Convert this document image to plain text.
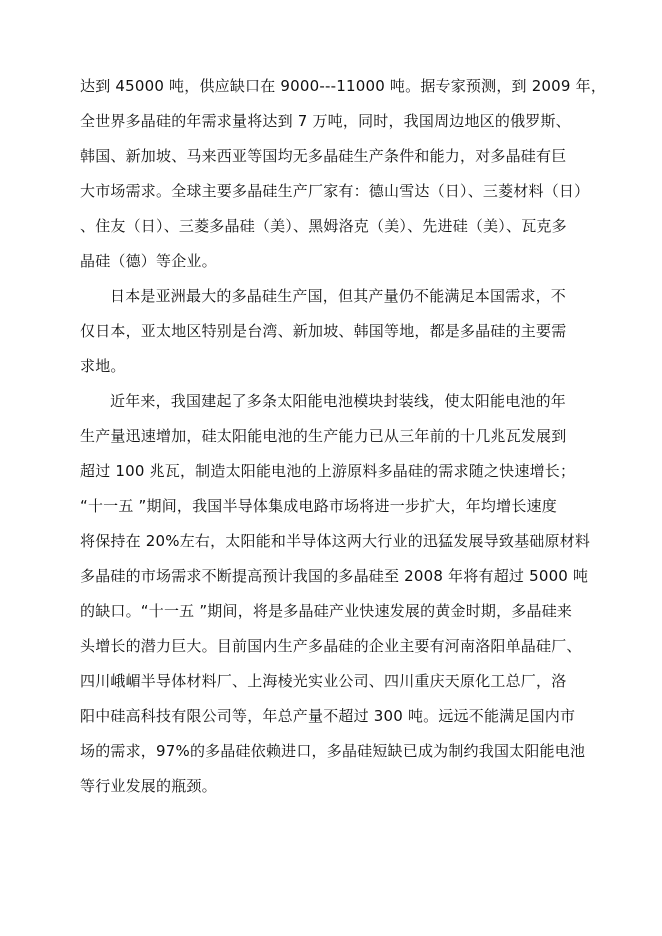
达到 45000 吨，供应缺口在 9000---11000 吨。据专家预测，到 2009 年，
全世界多晶硅的年需求量将达到 7 万吨，同时，我国周边地区的俄罗斯、
韩国、新加坡、马来西亚等国均无多晶硅生产条件和能力，对多晶硅有巨
大市场需求。全球主要多晶硅生产厂家有：德山雪达（日）、三菱材料（日）
、住友（日）、三菱多晶硅（美）、黑姆洛克（美）、先进硅（美）、瓦克多
晶硅（德）等企业。
日本是亚洲最大的多晶硅生产国，但其产量仍不能满足本国需求，不
仅日本，亚太地区特别是台湾、新加坡、韩国等地，都是多晶硅的主要需
求地。
近年来，我国建起了多条太阳能电池模块封装线，使太阳能电池的年
生产量迅速增加，硅太阳能电池的生产能力已从三年前的十几兆瓦发展到
超过 100 兆瓦，制造太阳能电池的上游原料多晶硅的需求随之快速增长；
“十一五 ”期间，我国半导体集成电路市场将进一步扩大，年均增长速度
将保持在 20%左右，太阳能和半导体这两大行业的迅猛发展导致基础原材料
多晶硅的市场需求不断提高预计我国的多晶硅至 2008 年将有超过 5000 吨
的缺口。“十一五 ”期间，将是多晶硅产业快速发展的黄金时期，多晶硅来
头增长的潜力巨大。目前国内生产多晶硅的企业主要有河南洛阳单晶硅厂、
四川峨嵋半导体材料厂、上海棱光实业公司、四川重庆天原化工总厂，洛
阳中硅高科技有限公司等，年总产量不超过 300 吨。远远不能满足国内市
场的需求，97%的多晶硅依赖进口，多晶硅短缺已成为制约我国太阳能电池
等行业发展的瓶颈。
